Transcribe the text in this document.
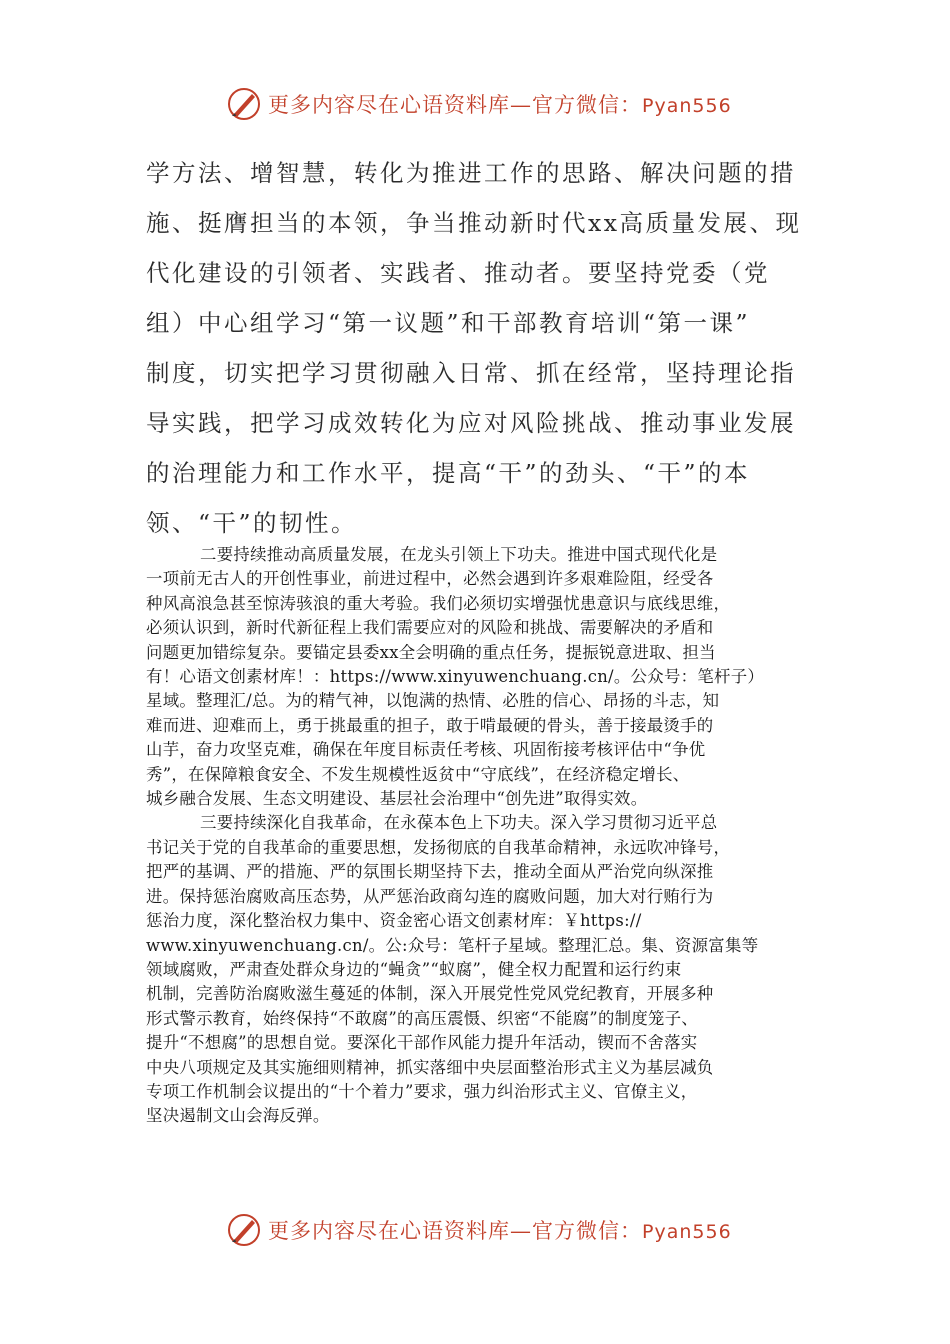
更多内容尽在心语资料库—官方微信：Pyan556

学方法、增智慧，转化为推进工作的思路、解决问题的措

施、挺膺担当的本领，争当推动新时代xx高质量发展、现

代化建设的引领者、实践者、推动者。要坚持党委（党

组）中心组学习“第一议题”和干部教育培训“第一课”

制度，切实把学习贯彻融入日常、抓在经常，坚持理论指

导实践，把学习成效转化为应对风险挑战、推动事业发展

的治理能力和工作水平，提高“干”的劲头、“干”的本

领、“干”的韧性。

二要持续推动高质量发展，在龙头引领上下功夫。推进中国式现代化是

一项前无古人的开创性事业，前进过程中，必然会遇到许多艰难险阻，经受各

种风高浪急甚至惊涛骇浪的重大考验。我们必须切实增强忧患意识与底线思维，

必须认识到，新时代新征程上我们需要应对的风险和挑战、需要解决的矛盾和

问题更加错综复杂。要锚定县委xx全会明确的重点任务，提振锐意进取、担当

有！心语文创素材库！：https://www.xinyuwenchuang.cn/。公众号：笔杆子）

星域。整理汇/总。为的精气神，以饱满的热情、必胜的信心、昂扬的斗志，知

难而进、迎难而上，勇于挑最重的担子，敢于啃最硬的骨头，善于接最烫手的

山芋，奋力攻坚克难，确保在年度目标责任考核、巩固衔接考核评估中“争优

秀”，在保障粮食安全、不发生规模性返贫中“守底线”，在经济稳定增长、

城乡融合发展、生态文明建设、基层社会治理中“创先进”取得实效。

三要持续深化自我革命，在永葆本色上下功夫。深入学习贯彻习近平总

书记关于党的自我革命的重要思想，发扬彻底的自我革命精神，永远吹冲锋号，

把严的基调、严的措施、严的氛围长期坚持下去，推动全面从严治党向纵深推

进。保持惩治腐败高压态势，从严惩治政商勾连的腐败问题，加大对行贿行为

惩治力度，深化整治权力集中、资金密心语文创素材库：￥https://

www.xinyuwenchuang.cn/。公:众号：笔杆子星域。整理汇总。集、资源富集等

领域腐败，严肃查处群众身边的“蝇贪”“蚁腐”，健全权力配置和运行约束

机制，完善防治腐败滋生蔓延的体制，深入开展党性党风党纪教育，开展多种

形式警示教育，始终保持“不敢腐”的高压震慑、织密“不能腐”的制度笼子、

提升“不想腐”的思想自觉。要深化干部作风能力提升年活动，锲而不舍落实

中央八项规定及其实施细则精神，抓实落细中央层面整治形式主义为基层减负

专项工作机制会议提出的“十个着力”要求，强力纠治形式主义、官僚主义，

坚决遏制文山会海反弹。

更多内容尽在心语资料库—官方微信：Pyan556
